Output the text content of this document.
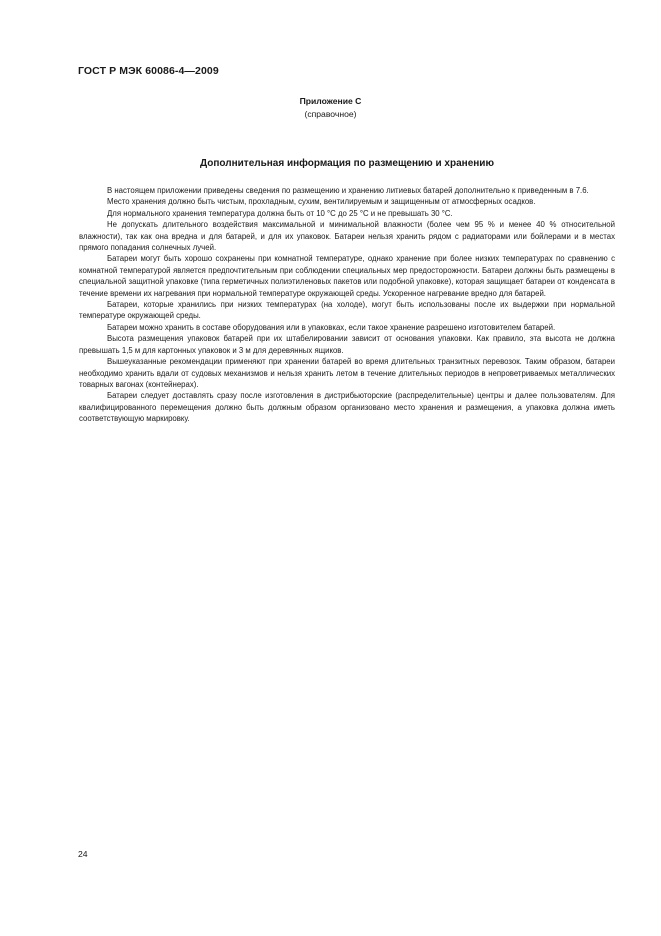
ГОСТ Р МЭК 60086-4—2009
Приложение С
(справочное)
Дополнительная информация по размещению и хранению

В настоящем приложении приведены сведения по размещению и хранению литиевых батарей дополнительно к приведенным в 7.6.

Место хранения должно быть чистым, прохладным, сухим, вентилируемым и защищенным от атмосферных осадков.

Для нормального хранения температура должна быть от 10 °С до 25 °С и не превышать 30 °С.

Не допускать длительного воздействия максимальной и минимальной влажности (более чем 95 % и менее 40 % относительной влажности), так как она вредна и для батарей, и для их упаковок. Батареи нельзя хранить рядом с радиаторами или бойлерами и в местах прямого попадания солнечных лучей.

Батареи могут быть хорошо сохранены при комнатной температуре, однако хранение при более низких температурах по сравнению с комнатной температурой является предпочтительным при соблюдении специальных мер предосторожности. Батареи должны быть размещены в специальной защитной упаковке (типа герметичных полиэтиленовых пакетов или подобной упаковке), которая защищает батареи от конденсата в течение времени их нагревания при нормальной температуре окружающей среды. Ускоренное нагревание вредно для батарей.

Батареи, которые хранились при низких температурах (на холоде), могут быть использованы после их выдержки при нормальной температуре окружающей среды.

Батареи можно хранить в составе оборудования или в упаковках, если такое хранение разрешено изготовителем батарей.

Высота размещения упаковок батарей при их штабелировании зависит от основания упаковки. Как правило, эта высота не должна превышать 1,5 м для картонных упаковок и 3 м для деревянных ящиков.

Вышеуказанные рекомендации применяют при хранении батарей во время длительных транзитных перевозок. Таким образом, батареи необходимо хранить вдали от судовых механизмов и нельзя хранить летом в течение длительных периодов в непроветриваемых металлических товарных вагонах (контейнерах).

Батареи следует доставлять сразу после изготовления в дистрибьюторские (распределительные) центры и далее пользователям. Для квалифицированного перемещения должно быть должным образом организовано место хранения и размещения, а упаковка должна иметь соответствующую маркировку.

24
